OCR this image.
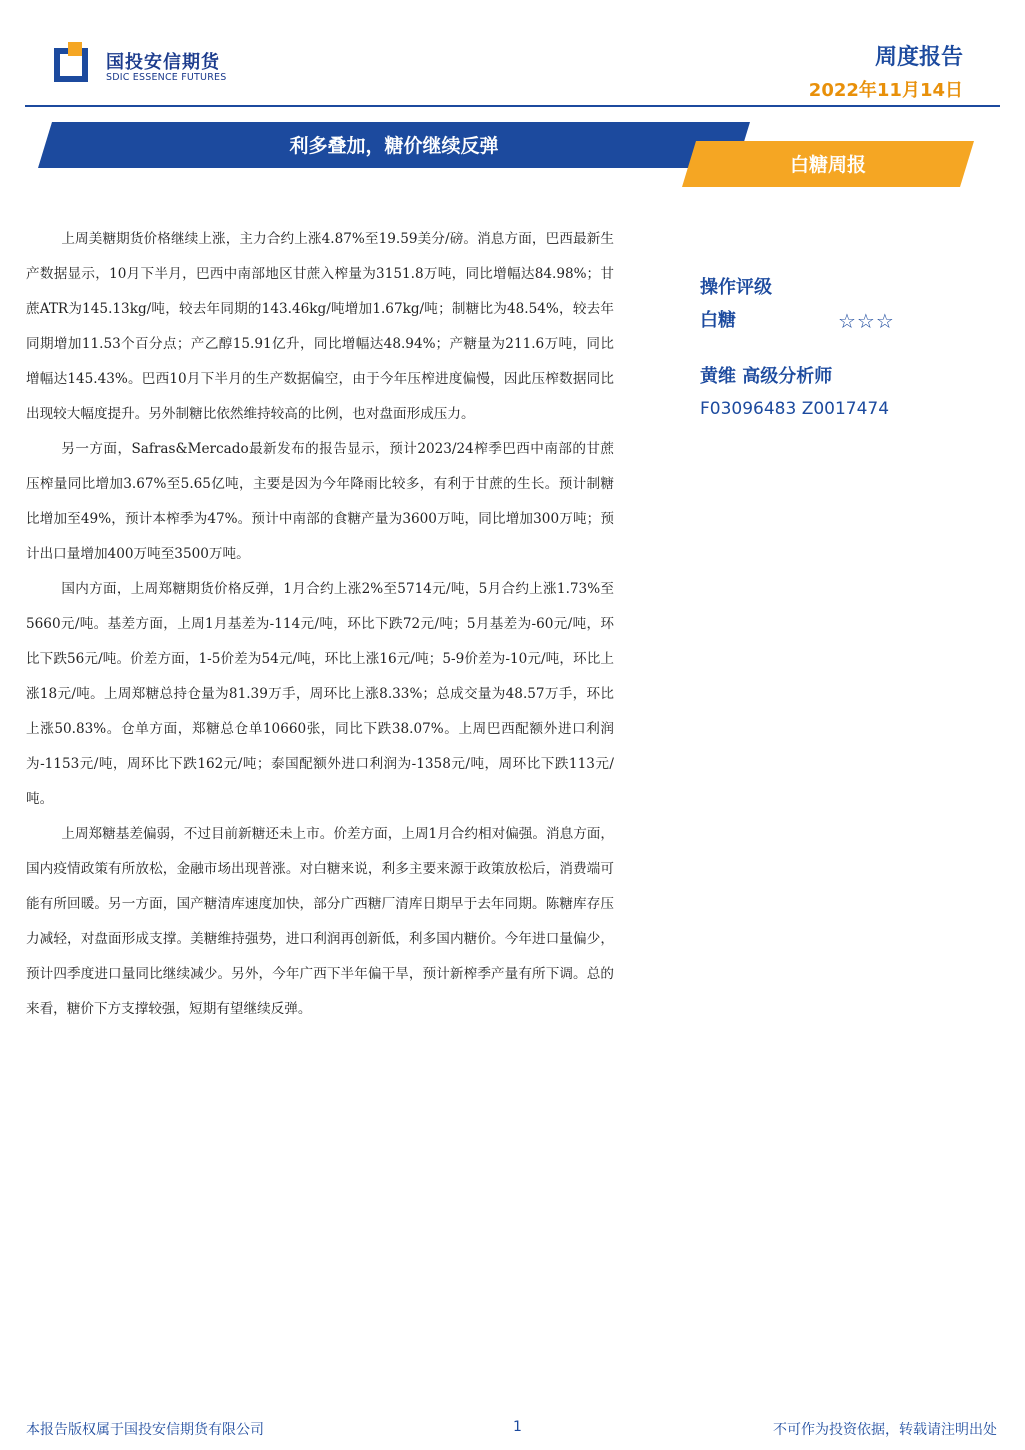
国投安信期货
SDIC ESSENCE FUTURES
周度报告
2022年11月14日
利多叠加，糖价继续反弹
白糖周报

上周美糖期货价格继续上涨，主力合约上涨4.87%至19.59美分/磅。消息方面，巴西最新生产数据显示，10月下半月，巴西中南部地区甘蔗入榨量为3151.8万吨，同比增幅达84.98%；甘蔗ATR为145.13kg/吨，较去年同期的143.46kg/吨增加1.67kg/吨；制糖比为48.54%，较去年同期增加11.53个百分点；产乙醇15.91亿升，同比增幅达48.94%；产糖量为211.6万吨，同比增幅达145.43%。巴西10月下半月的生产数据偏空，由于今年压榨进度偏慢，因此压榨数据同比出现较大幅度提升。另外制糖比依然维持较高的比例，也对盘面形成压力。

另一方面，Safras&Mercado最新发布的报告显示，预计2023/24榨季巴西中南部的甘蔗压榨量同比增加3.67%至5.65亿吨，主要是因为今年降雨比较多，有利于甘蔗的生长。预计制糖比增加至49%，预计本榨季为47%。预计中南部的食糖产量为3600万吨，同比增加300万吨；预计出口量增加400万吨至3500万吨。

国内方面，上周郑糖期货价格反弹，1月合约上涨2%至5714元/吨，5月合约上涨1.73%至5660元/吨。基差方面，上周1月基差为-114元/吨，环比下跌72元/吨；5月基差为-60元/吨，环比下跌56元/吨。价差方面，1-5价差为54元/吨，环比上涨16元/吨；5-9价差为-10元/吨，环比上涨18元/吨。上周郑糖总持仓量为81.39万手，周环比上涨8.33%；总成交量为48.57万手，环比上涨50.83%。仓单方面，郑糖总仓单10660张，同比下跌38.07%。上周巴西配额外进口利润为-1153元/吨，周环比下跌162元/吨；泰国配额外进口利润为-1358元/吨，周环比下跌113元/吨。

上周郑糖基差偏弱，不过目前新糖还未上市。价差方面，上周1月合约相对偏强。消息方面，国内疫情政策有所放松，金融市场出现普涨。对白糖来说，利多主要来源于政策放松后，消费端可能有所回暖。另一方面，国产糖清库速度加快，部分广西糖厂清库日期早于去年同期。陈糖库存压力减轻，对盘面形成支撑。美糖维持强势，进口利润再创新低，利多国内糖价。今年进口量偏少，预计四季度进口量同比继续减少。另外，今年广西下半年偏干旱，预计新榨季产量有所下调。总的来看，糖价下方支撑较强，短期有望继续反弹。

操作评级
白糖	☆☆☆
黄维 高级分析师
F03096483 Z0017474
本报告版权属于国投安信期货有限公司	1	不可作为投资依据，转载请注明出处
